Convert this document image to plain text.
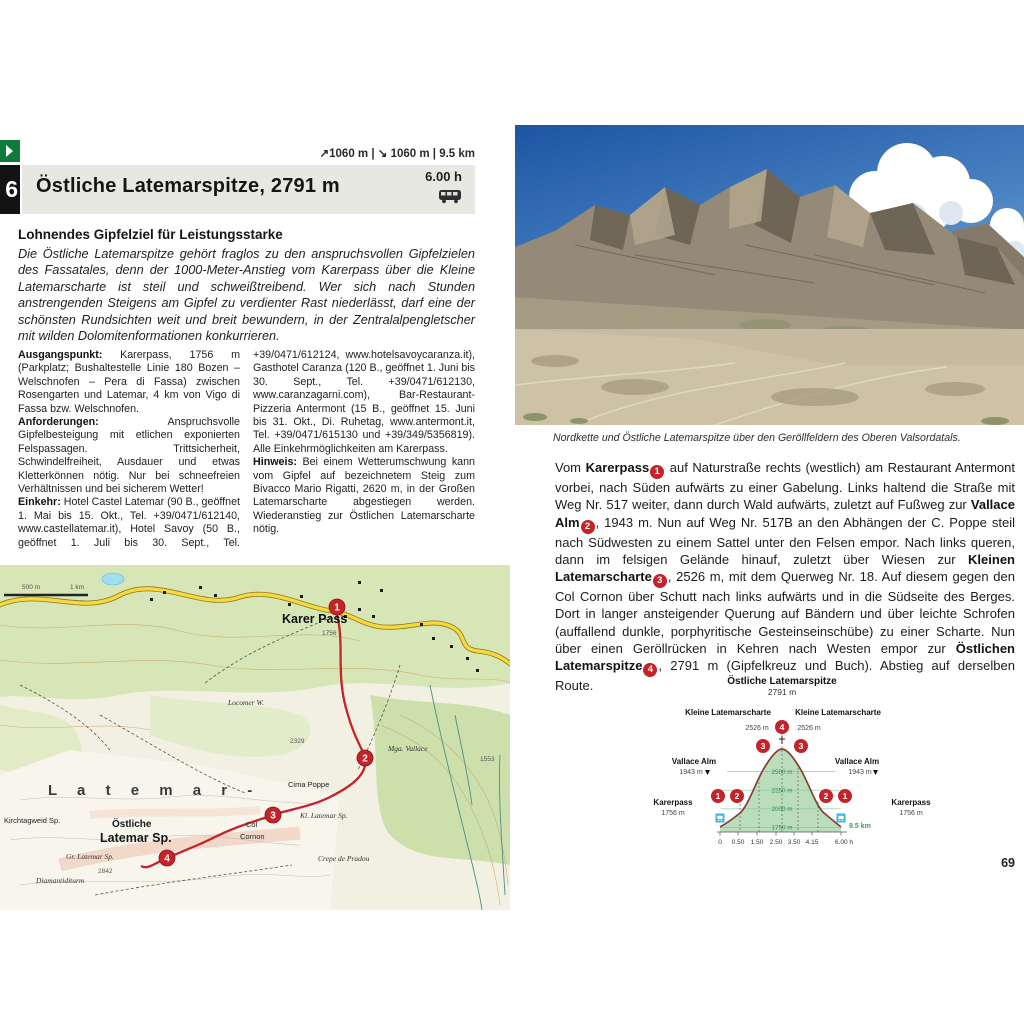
6
↗1060 m | ↘ 1060 m | 9.5 km
Östliche Latemarspitze, 2791 m	6.00 h
Lohnendes Gipfelziel für Leistungsstarke
Die Östliche Latemarspitze gehört fraglos zu den anspruchsvollen Gipfelzielen des Fassatales, denn der 1000-Meter-Anstieg vom Karerpass über die Kleine Latemarscharte ist steil und schweißtreibend. Wer sich nach Stunden anstrengenden Steigens am Gipfel zu verdienter Rast niederlässt, darf eine der schönsten Rundsichten weit und breit bewundern, in der Zentralalpengletscher mit wilden Dolomitenformationen konkurrieren.
Ausgangspunkt: Karerpass, 1756 m (Parkplatz; Bushaltestelle Linie 180 Bozen – Welschnofen – Pera di Fassa) zwischen Rosengarten und Latemar, 4 km von Vigo di Fassa bzw. Welschnofen.
Anforderungen: Anspruchsvolle Gipfelbesteigung mit etlichen exponierten Felspassagen. Trittsicherheit, Schwindelfreiheit, Ausdauer und etwas Kletterkönnen nötig. Nur bei schneefreien Verhältnissen und bei sicherem Wetter!
Einkehr: Hotel Castel Latemar (90 B., geöffnet 1. Mai bis 15. Okt., Tel. +39/0471/612140, www.castellatemar.it), Hotel Savoy (50 B., geöffnet 1. Juli bis 30. Sept., Tel. +39/0471/612124, www.hotelsavoycaranza.it), Gasthotel Caranza (120 B., geöffnet 1. Juni bis 30. Sept., Tel. +39/0471/612130, www.caranzagarni.com), Bar-Restaurant-Pizzeria Antermont (15 B., geöffnet 15. Juni bis 31. Okt., Di. Ruhetag, www.antermont.it, Tel. +39/0471/615130 und +39/349/5356819). Alle Einkehrmöglichkeiten am Karerpass.
Hinweis: Bei einem Wetterumschwung kann vom Gipfel auf bezeichnetem Steig zum Bivacco Mario Rigatti, 2620 m, in der Großen Latemarscharte abgestiegen werden. Wiederanstieg zur Östlichen Latemarscharte nötig.
1
2
3
4
500 m	1 km
Karer Pass
1756
Locomer W.
L a t e m a r -
Östliche
Latemar Sp.
Gr. Latemar Sp.
Kirchtagweid Sp.	Col
Cornon
Cima Poppe
2329
Mga. Vallace
Kl. Latemar Sp.
Crepe de Pradou
1553
2842
Diamantiditurm
Nordkette und Östliche Latemarspitze über den Geröllfeldern des Oberen Valsordatals.
Vom Karerpass 1 auf Naturstraße rechts (westlich) am Restaurant Antermont vorbei, nach Süden aufwärts zu einer Gabelung. Links haltend die Straße mit Weg Nr. 517 weiter, dann durch Wald aufwärts, zuletzt auf Fußweg zur Vallace Alm 2 , 1943 m. Nun auf Weg Nr. 517B an den Abhängen der C. Poppe steil nach Südwesten zu einem Sattel unter den Felsen empor. Nach links queren, dann im felsigen Gelände hinauf, zuletzt über Wiesen zur Kleinen Latemarscharte 3 , 2526 m, mit dem Querweg Nr. 18. Auf diesem gegen den Col Cornon über Schutt nach links aufwärts und in die Südseite des Berges. Dort in langer ansteigender Querung auf Bändern und über leichte Schrofen (auffallend dunkle, porphyritische Gesteinseinschübe) zu einer Scharte. Nun über einen Geröllrücken in Kehren nach Westen empor zur Östlichen Latemarspitze 4 , 2791 m (Gipfelkreuz und Buch). Abstieg auf derselben Route.	Östliche Latemarspitze
2791 m
2500 m
2250 m
2000 m
1750 m
Kleine Latemarscharte
2526 m
Vallace Alm
1943 m
Karerpass
1756 m
Kleine Latemarscharte
2526 m
Vallace Alm
1943 m
Karerpass
1756 m
4
3	3
1 2	2 1
0 0.50 1.50 2.50 3.50 4.15	6.00 h
9.5 km
69
